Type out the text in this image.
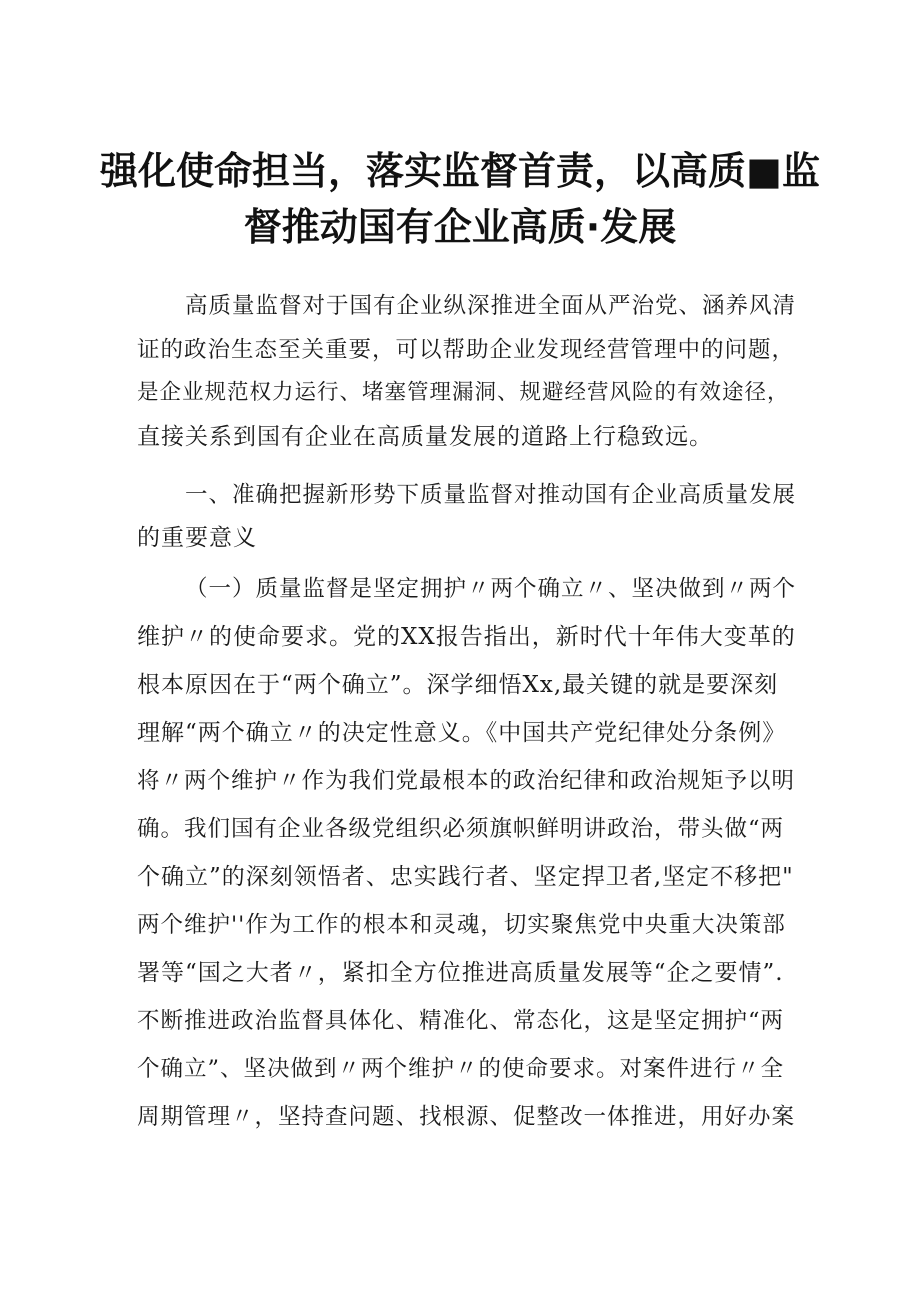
强化使命担当，落实监督首责，以高质■监
督推动国有企业高质·发展
高质量监督对于国有企业纵深推进全面从严治党、涵养风清
证的政治生态至关重要，可以帮助企业发现经营管理中的问题，
是企业规范权力运行、堵塞管理漏洞、规避经营风险的有效途径，
直接关系到国有企业在高质量发展的道路上行稳致远。
一、准确把握新形势下质量监督对推动国有企业高质量发展
的重要意义
（一）质量监督是坚定拥护〃两个确立〃、坚决做到〃两个
维护〃的使命要求。党的XX报告指出，新时代十年伟大变革的
根本原因在于“两个确立”。深学细悟Xx,最关键的就是要深刻
理解“两个确立〃的决定性意义。《中国共产党纪律处分条例》
将〃两个维护〃作为我们党最根本的政治纪律和政治规矩予以明
确。我们国有企业各级党组织必须旗帜鲜明讲政治，带头做“两
个确立”的深刻领悟者、忠实践行者、坚定捍卫者,坚定不移把"
两个维护''作为工作的根本和灵魂，切实聚焦党中央重大决策部
署等“国之大者〃，紧扣全方位推进高质量发展等“企之要情”.
不断推进政治监督具体化、精准化、常态化，这是坚定拥护“两
个确立”、坚决做到〃两个维护〃的使命要求。对案件进行〃全
周期管理〃，坚持查问题、找根源、促整改一体推进，用好办案
